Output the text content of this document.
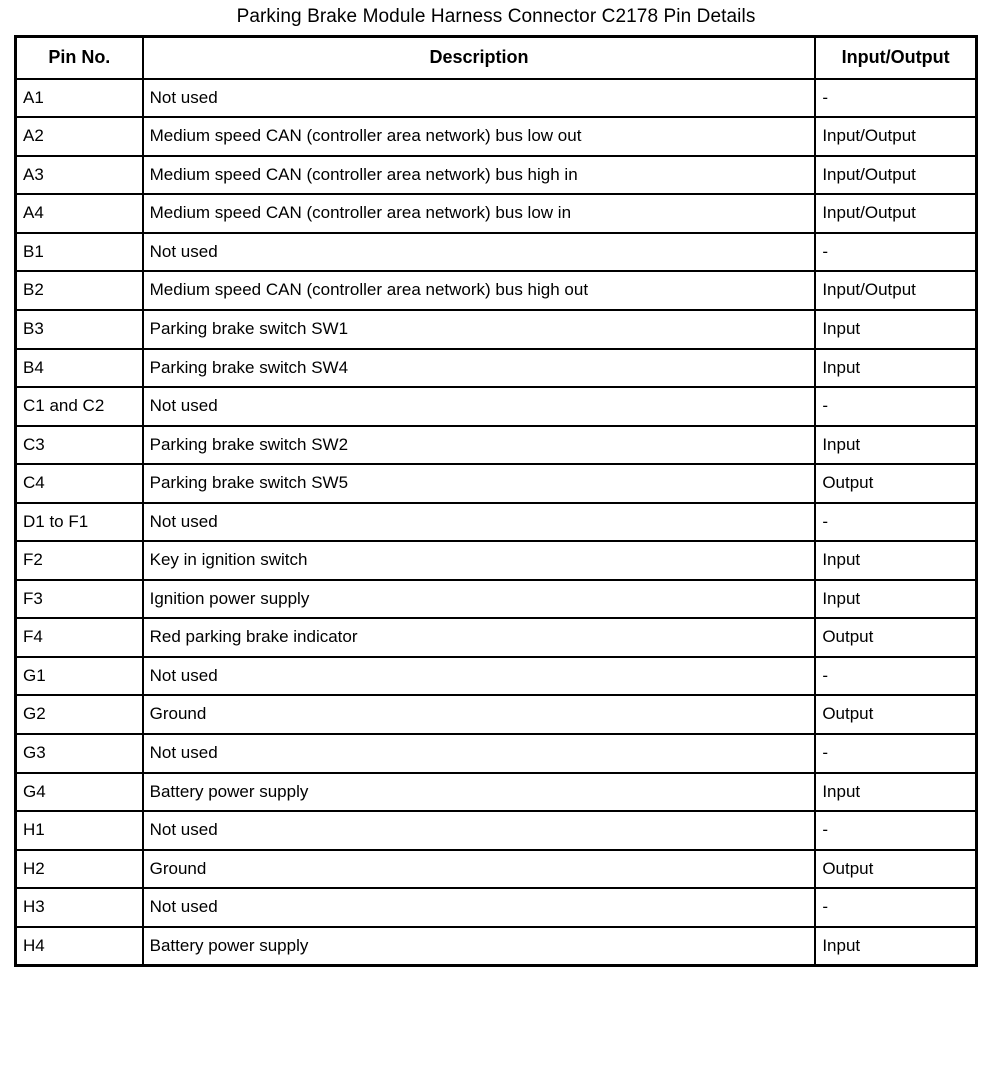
Parking Brake Module Harness Connector C2178 Pin Details
Pin No.	Description	Input/Output
A1	Not used	-
A2	Medium speed CAN (controller area network) bus low out	Input/Output
A3	Medium speed CAN (controller area network) bus high in	Input/Output
A4	Medium speed CAN (controller area network) bus low in	Input/Output
B1	Not used	-
B2	Medium speed CAN (controller area network) bus high out	Input/Output
B3	Parking brake switch SW1	Input
B4	Parking brake switch SW4	Input
C1 and C2	Not used	-
C3	Parking brake switch SW2	Input
C4	Parking brake switch SW5	Output
D1 to F1	Not used	-
F2	Key in ignition switch	Input
F3	Ignition power supply	Input
F4	Red parking brake indicator	Output
G1	Not used	-
G2	Ground	Output
G3	Not used	-
G4	Battery power supply	Input
H1	Not used	-
H2	Ground	Output
H3	Not used	-
H4	Battery power supply	Input
